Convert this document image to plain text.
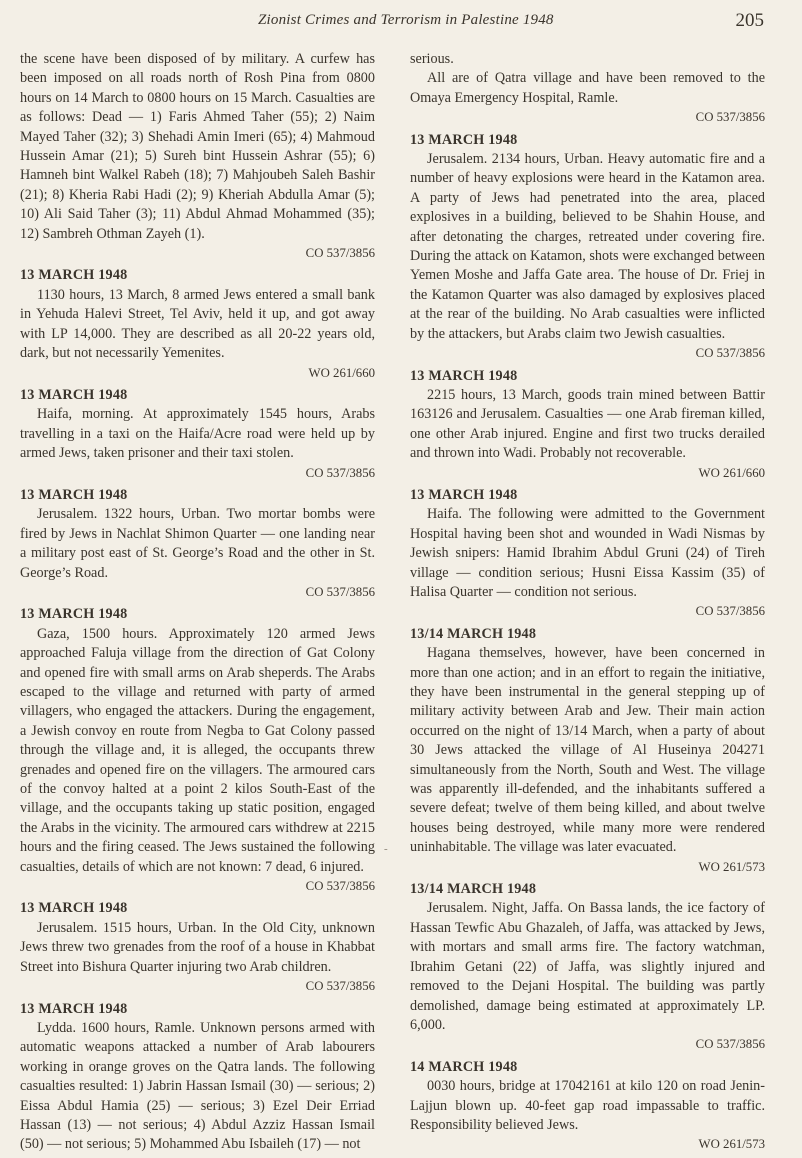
Zionist Crimes and Terrorism in Palestine 1948	205

the scene have been disposed of by military. A curfew has been imposed on all roads north of Rosh Pina from 0800 hours on 14 March to 0800 hours on 15 March. Casualties are as follows: Dead — 1) Faris Ahmed Taher (55); 2) Naim Mayed Taher (32); 3) Shehadi Amin Imeri (65); 4) Mahmoud Hussein Amar (21); 5) Sureh bint Hussein Ashrar (55); 6) Hamneh bint Walkel Rabeh (18); 7) Mahjoubeh Saleh Bashir (21); 8) Kheria Rabi Hadi (2); 9) Kheriah Abdulla Amar (5); 10) Ali Said Taher (3); 11) Abdul Ahmad Mohammed (35); 12) Sambreh Othman Zayeh (1).

CO 537/3856

13 MARCH 1948

1130 hours, 13 March, 8 armed Jews entered a small bank in Yehuda Halevi Street, Tel Aviv, held it up, and got away with LP 14,000. They are described as all 20-22 years old, dark, but not necessarily Yemenites.

WO 261/660

13 MARCH 1948

Haifa, morning. At approximately 1545 hours, Arabs travelling in a taxi on the Haifa/Acre road were held up by armed Jews, taken prisoner and their taxi stolen.

CO 537/3856

13 MARCH 1948

Jerusalem. 1322 hours, Urban. Two mortar bombs were fired by Jews in Nachlat Shimon Quarter — one landing near a military post east of St. George’s Road and the other in St. George’s Road.

CO 537/3856

13 MARCH 1948

Gaza, 1500 hours. Approximately 120 armed Jews approached Faluja village from the direction of Gat Colony and opened fire with small arms on Arab sheperds. The Arabs escaped to the village and returned with party of armed villagers, who engaged the attackers. During the engagement, a Jewish convoy en route from Negba to Gat Colony passed through the village and, it is alleged, the occupants threw grenades and opened fire on the villagers. The armoured cars of the convoy halted at a point 2 kilos South-East of the village, and the occupants taking up static position, engaged the Arabs in the vicinity. The armoured cars withdrew at 2215 hours and the firing ceased. The Jews sustained the following casualties, details of which are not known: 7 dead, 6 injured.

CO 537/3856

13 MARCH 1948

Jerusalem. 1515 hours, Urban. In the Old City, unknown Jews threw two grenades from the roof of a house in Khabbat Street into Bishura Quarter injuring two Arab children.

CO 537/3856

13 MARCH 1948

Lydda. 1600 hours, Ramle. Unknown persons armed with automatic weapons attacked a number of Arab labourers working in orange groves on the Qatra lands. The following casualties resulted: 1) Jabrin Hassan Ismail (30) — serious; 2) Eissa Abdul Hamia (25) — serious; 3) Ezel Deir Erriad Hassan (13) — not serious; 4) Abdul Azziz Hassan Ismail (50) — not serious; 5) Mohammed Abu Isbaileh (17) — not

serious.

All are of Qatra village and have been removed to the Omaya Emergency Hospital, Ramle.

CO 537/3856

13 MARCH 1948

Jerusalem. 2134 hours, Urban. Heavy automatic fire and a number of heavy explosions were heard in the Katamon area. A party of Jews had penetrated into the area, placed explosives in a building, believed to be Shahin House, and after detonating the charges, retreated under covering fire. During the attack on Katamon, shots were exchanged between Yemen Moshe and Jaffa Gate area. The house of Dr. Friej in the Katamon Quarter was also damaged by explosives placed at the rear of the building. No Arab casualties were inflicted by the attackers, but Arabs claim two Jewish casualties.

CO 537/3856

13 MARCH 1948

2215 hours, 13 March, goods train mined between Battir 163126 and Jerusalem. Casualties — one Arab fireman killed, one other Arab injured. Engine and first two trucks derailed and thrown into Wadi. Probably not recoverable.

WO 261/660

13 MARCH 1948

Haifa. The following were admitted to the Government Hospital having been shot and wounded in Wadi Nismas by Jewish snipers: Hamid Ibrahim Abdul Gruni (24) of Tireh village — condition serious; Husni Eissa Kassim (35) of Halisa Quarter — condition not serious.

CO 537/3856

13/14 MARCH 1948

Hagana themselves, however, have been concerned in more than one action; and in an effort to regain the initiative, they have been instrumental in the general stepping up of military activity between Arab and Jew. Their main action occurred on the night of 13/14 March, when a party of about 30 Jews attacked the village of Al Huseinya 204271 simultaneously from the North, South and West. The village was apparently ill-defended, and the inhabitants suffered a severe defeat; twelve of them being killed, and about twelve houses being destroyed, while many more were rendered uninhabitable. The village was later evacuated.

WO 261/573

13/14 MARCH 1948

Jerusalem. Night, Jaffa. On Bassa lands, the ice factory of Hassan Tewfic Abu Ghazaleh, of Jaffa, was attacked by Jews, with mortars and small arms fire. The factory watchman, Ibrahim Getani (22) of Jaffa, was slightly injured and removed to the Dejani Hospital. The building was partly demolished, damage being estimated at approximately LP. 6,000.

CO 537/3856

14 MARCH 1948

0030 hours, bridge at 17042161 at kilo 120 on road Jenin-Lajjun blown up. 40-feet gap road impassable to traffic. Responsibility believed Jews.

WO 261/573

-
